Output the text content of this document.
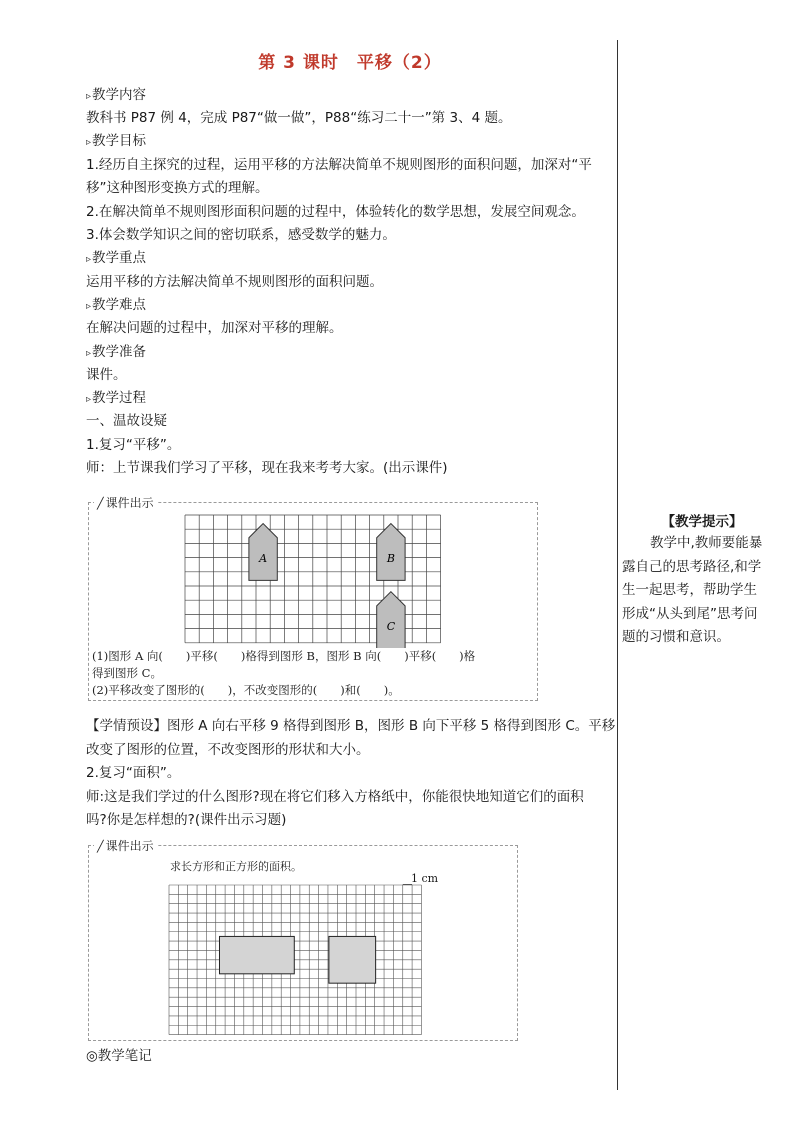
第 3 课时　平移（2）
▹ 教学内容
教科书 P87 例 4，完成 P87“做一做”，P88“练习二十一”第 3、4 题。
▹ 教学目标
1.经历自主探究的过程，运用平移的方法解决简单不规则图形的面积问题，加深对“平
移”这种图形变换方式的理解。
2.在解决简单不规则图形面积问题的过程中，体验转化的数学思想，发展空间观念。
3.体会数学知识之间的密切联系，感受数学的魅力。
▹ 教学重点
运用平移的方法解决简单不规则图形的面积问题。
▹ 教学难点
在解决问题的过程中，加深对平移的理解。
▹ 教学准备
课件。
▹ 教学过程
一、温故设疑
1.复习“平移”。
师：上节课我们学习了平移，现在我来考考大家。(出示课件)
╱ 课件出示
A	B
C
(1)图形 A 向(　　)平移(　　)格得到图形 B，图形 B 向(　　)平移(　　)格
得到图形 C。
(2)平移改变了图形的(　　)，不改变图形的(　　)和(　　)。
【学情预设】图形 A 向右平移 9 格得到图形 B，图形 B 向下平移 5 格得到图形 C。平移
改变了图形的位置，不改变图形的形状和大小。
2.复习“面积”。
师:这是我们学过的什么图形?现在将它们移入方格纸中，你能很快地知道它们的面积
吗?你是怎样想的?(课件出示习题)
╱ 课件出示
求长方形和正方形的面积。
1 cm
◎教学笔记
【教学提示】
教学中,教师要能暴露自己的思考路径,和学生一起思考，帮助学生形成“从头到尾”思考问题的习惯和意识。
